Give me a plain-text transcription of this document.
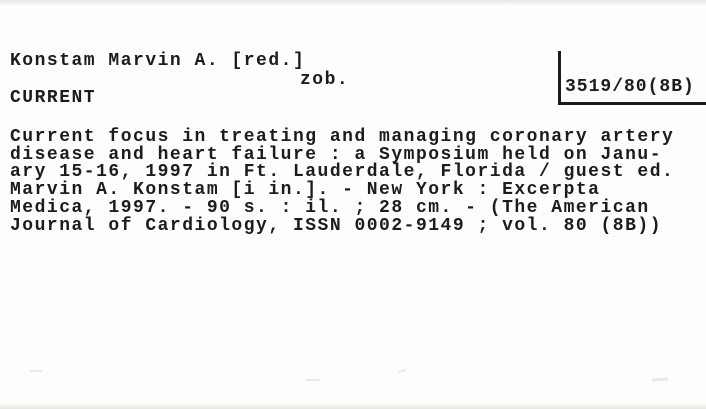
Konstam Marvin A. [red.]
zob.
CURRENT
3519/80(8B)
Current focus in treating and managing coronary artery
disease and heart failure : a Symposium held on Janu-
ary 15-16, 1997 in Ft. Lauderdale, Florida / guest ed.
Marvin A. Konstam [i in.]. - New York : Excerpta
Medica, 1997. - 90 s. : il. ; 28 cm. - (The American
Journal of Cardiology, ISSN 0002-9149 ; vol. 80 (8B))
